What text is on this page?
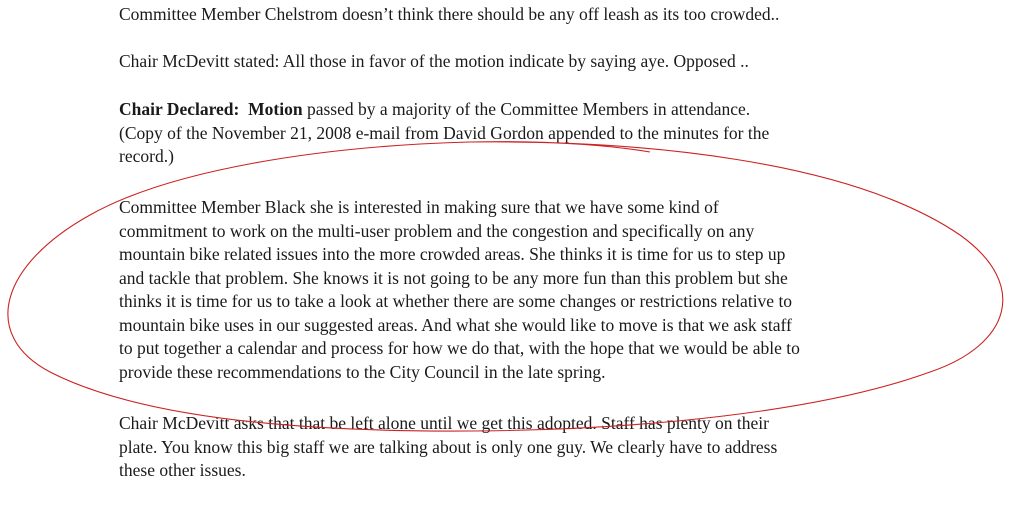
Committee Member Chelstrom doesn’t think there should be any off leash as its too crowded..

Chair McDevitt stated: All those in favor of the motion indicate by saying aye. Opposed ..

Chair Declared: Motion passed by a majority of the Committee Members in attendance.
(Copy of the November 21, 2008 e-mail from David Gordon appended to the minutes for the
record.)

Committee Member Black she is interested in making sure that we have some kind of
commitment to work on the multi-user problem and the congestion and specifically on any
mountain bike related issues into the more crowded areas. She thinks it is time for us to step up
and tackle that problem. She knows it is not going to be any more fun than this problem but she
thinks it is time for us to take a look at whether there are some changes or restrictions relative to
mountain bike uses in our suggested areas. And what she would like to move is that we ask staff
to put together a calendar and process for how we do that, with the hope that we would be able to
provide these recommendations to the City Council in the late spring.

Chair McDevitt asks that that be left alone until we get this adopted. Staff has plenty on their
plate. You know this big staff we are talking about is only one guy. We clearly have to address
these other issues.
